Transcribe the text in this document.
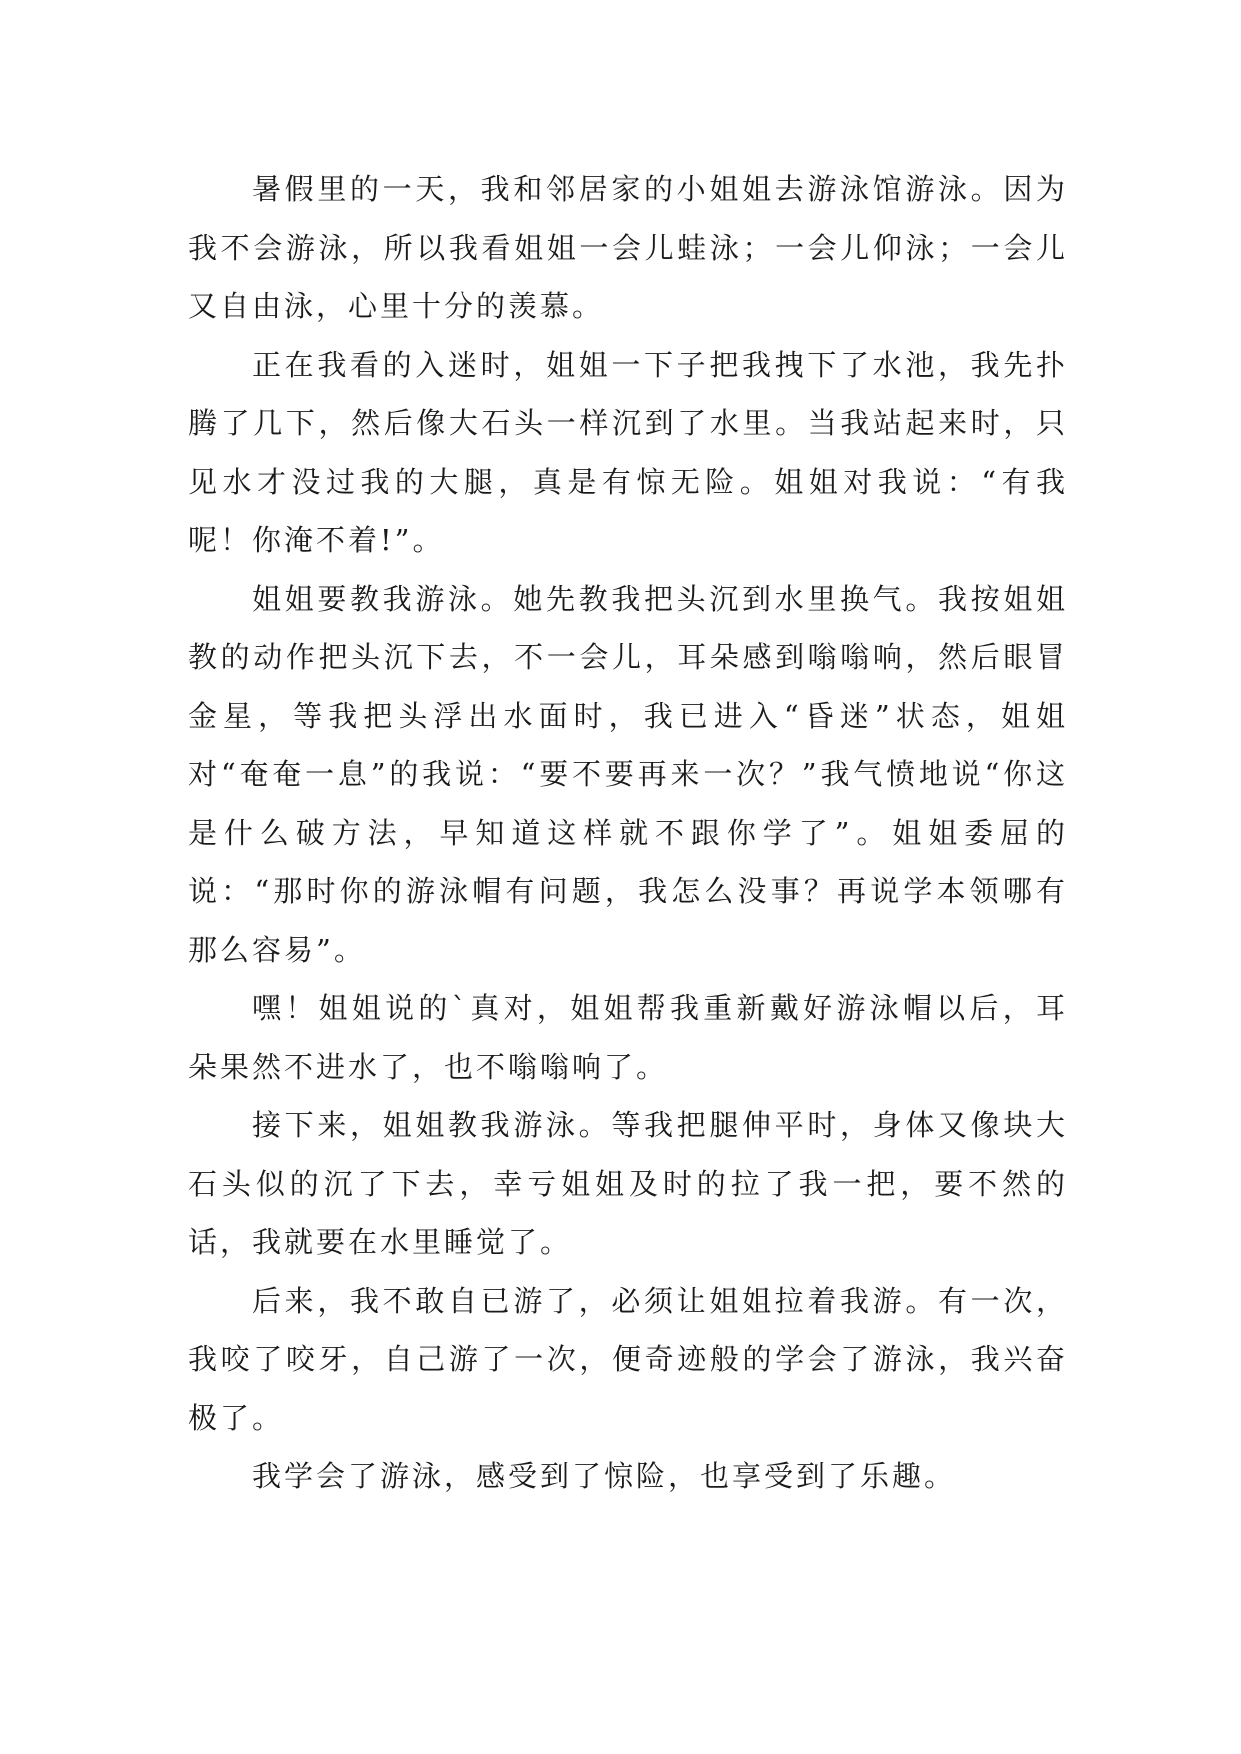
暑假里的一天，我和邻居家的小姐姐去游泳馆游泳。因为我不会游泳，所以我看姐姐一会儿蛙泳；一会儿仰泳；一会儿又自由泳，心里十分的羡慕。

正在我看的入迷时，姐姐一下子把我拽下了水池，我先扑腾了几下，然后像大石头一样沉到了水里。当我站起来时，只见水才没过我的大腿，真是有惊无险。姐姐对我说：“有我呢！你淹不着!”。

姐姐要教我游泳。她先教我把头沉到水里换气。我按姐姐教的动作把头沉下去，不一会儿，耳朵感到嗡嗡响，然后眼冒金星，等我把头浮出水面时，我已进入“昏迷”状态，姐姐对“奄奄一息”的我说：“要不要再来一次？”我气愤地说“你这是什么破方法，早知道这样就不跟你学了”。姐姐委屈的说：“那时你的游泳帽有问题，我怎么没事？再说学本领哪有那么容易”。

嘿！姐姐说的`真对，姐姐帮我重新戴好游泳帽以后，耳朵果然不进水了，也不嗡嗡响了。

接下来，姐姐教我游泳。等我把腿伸平时，身体又像块大石头似的沉了下去，幸亏姐姐及时的拉了我一把，要不然的话，我就要在水里睡觉了。

后来，我不敢自已游了，必须让姐姐拉着我游。有一次，我咬了咬牙，自己游了一次，便奇迹般的学会了游泳，我兴奋极了。

我学会了游泳，感受到了惊险，也享受到了乐趣。
